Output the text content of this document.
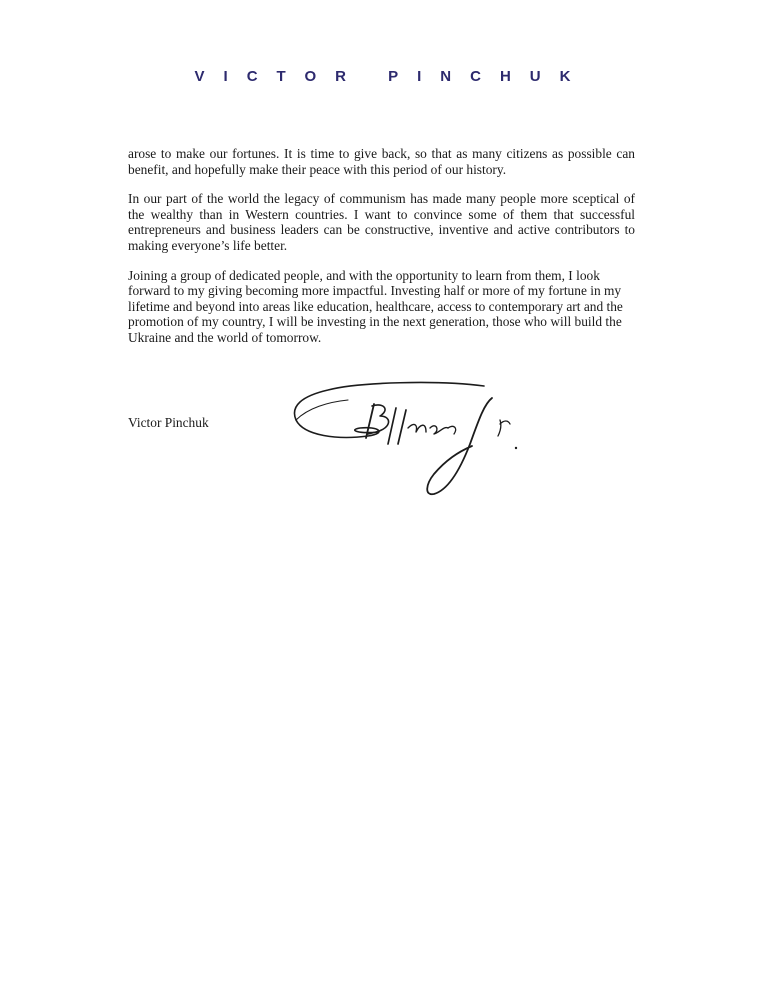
VICTOR PINCHUK

arose to make our fortunes. It is time to give back, so that as many citizens as possible can benefit, and hopefully make their peace with this period of our history.

In our part of the world the legacy of communism has made many people more sceptical of the wealthy than in Western countries. I want to convince some of them that successful entrepreneurs and business leaders can be constructive, inventive and active contributors to making everyone’s life better.

Joining a group of dedicated people, and with the opportunity to learn from them, I look forward to my giving becoming more impactful. Investing half or more of my fortune in my lifetime and beyond into areas like education, healthcare, access to contemporary art and the promotion of my country, I will be investing in the next generation, those who will build the Ukraine and the world of tomorrow.

Victor Pinchuk
